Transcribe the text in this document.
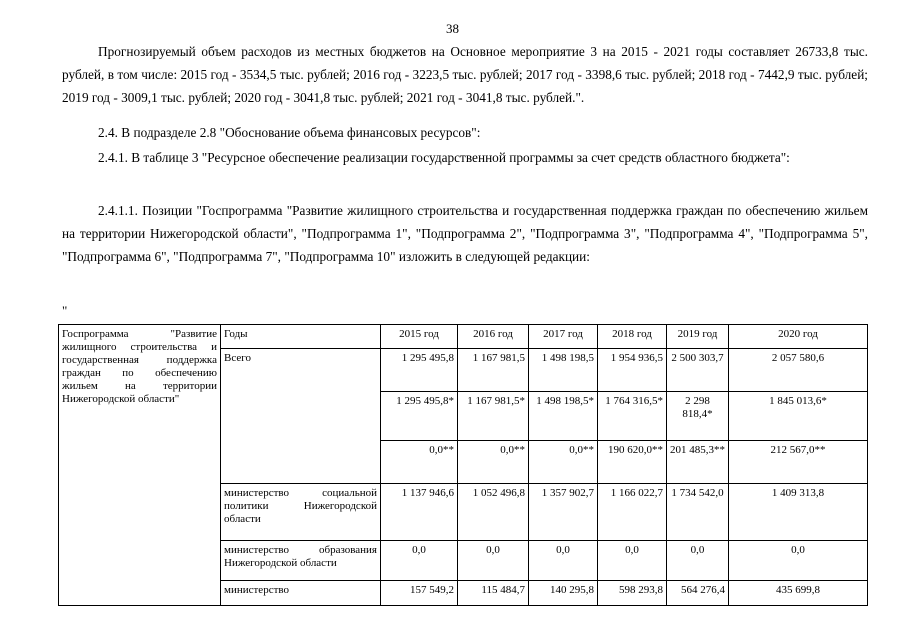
38

Прогнозируемый объем расходов из местных бюджетов на Основное мероприятие 3 на 2015 - 2021 годы составляет 26733,8 тыс. рублей, в том числе: 2015 год - 3534,5 тыс. рублей; 2016 год - 3223,5 тыс. рублей; 2017 год - 3398,6 тыс. рублей; 2018 год - 7442,9 тыс. рублей; 2019 год - 3009,1 тыс. рублей; 2020 год - 3041,8 тыс. рублей; 2021 год - 3041,8 тыс. рублей.".

2.4. В подразделе 2.8 "Обоснование объема финансовых ресурсов":

2.4.1. В таблице 3 "Ресурсное обеспечение реализации государственной программы за счет средств областного бюджета":

2.4.1.1. Позиции "Госпрограмма "Развитие жилищного строительства и государственная поддержка граждан по обеспечению жильем на территории Нижегородской области", "Подпрограмма 1", "Подпрограмма 2", "Подпрограмма 3", "Подпрограмма 4", "Подпрограмма 5", "Подпрограмма 6", "Подпрограмма 7", "Подпрограмма 10" изложить в следующей редакции:

"
Госпрограмма "Развитие жилищного строительства и государственная поддержка граждан по обеспечению жильем на территории Нижегородской области"	Годы	2015 год	2016 год	2017 год	2018 год	2019 год	2020 год
	Всего	1 295 495,8	1 167 981,5	1 498 198,5	1 954 936,5	2 500 303,7	2 057 580,6
		1 295 495,8*	1 167 981,5*	1 498 198,5*	1 764 316,5*	2 298 818,4*	1 845 013,6*
		0,0**	0,0**	0,0**	190 620,0**	201 485,3**	212 567,0**
	министерство социальной политики Нижегородской области	1 137 946,6	1 052 496,8	1 357 902,7	1 166 022,7	1 734 542,0	1 409 313,8
	министерство образования Нижегородской области	0,0	0,0	0,0	0,0	0,0	0,0
	министерство	157 549,2	115 484,7	140 295,8	598 293,8	564 276,4	435 699,8
